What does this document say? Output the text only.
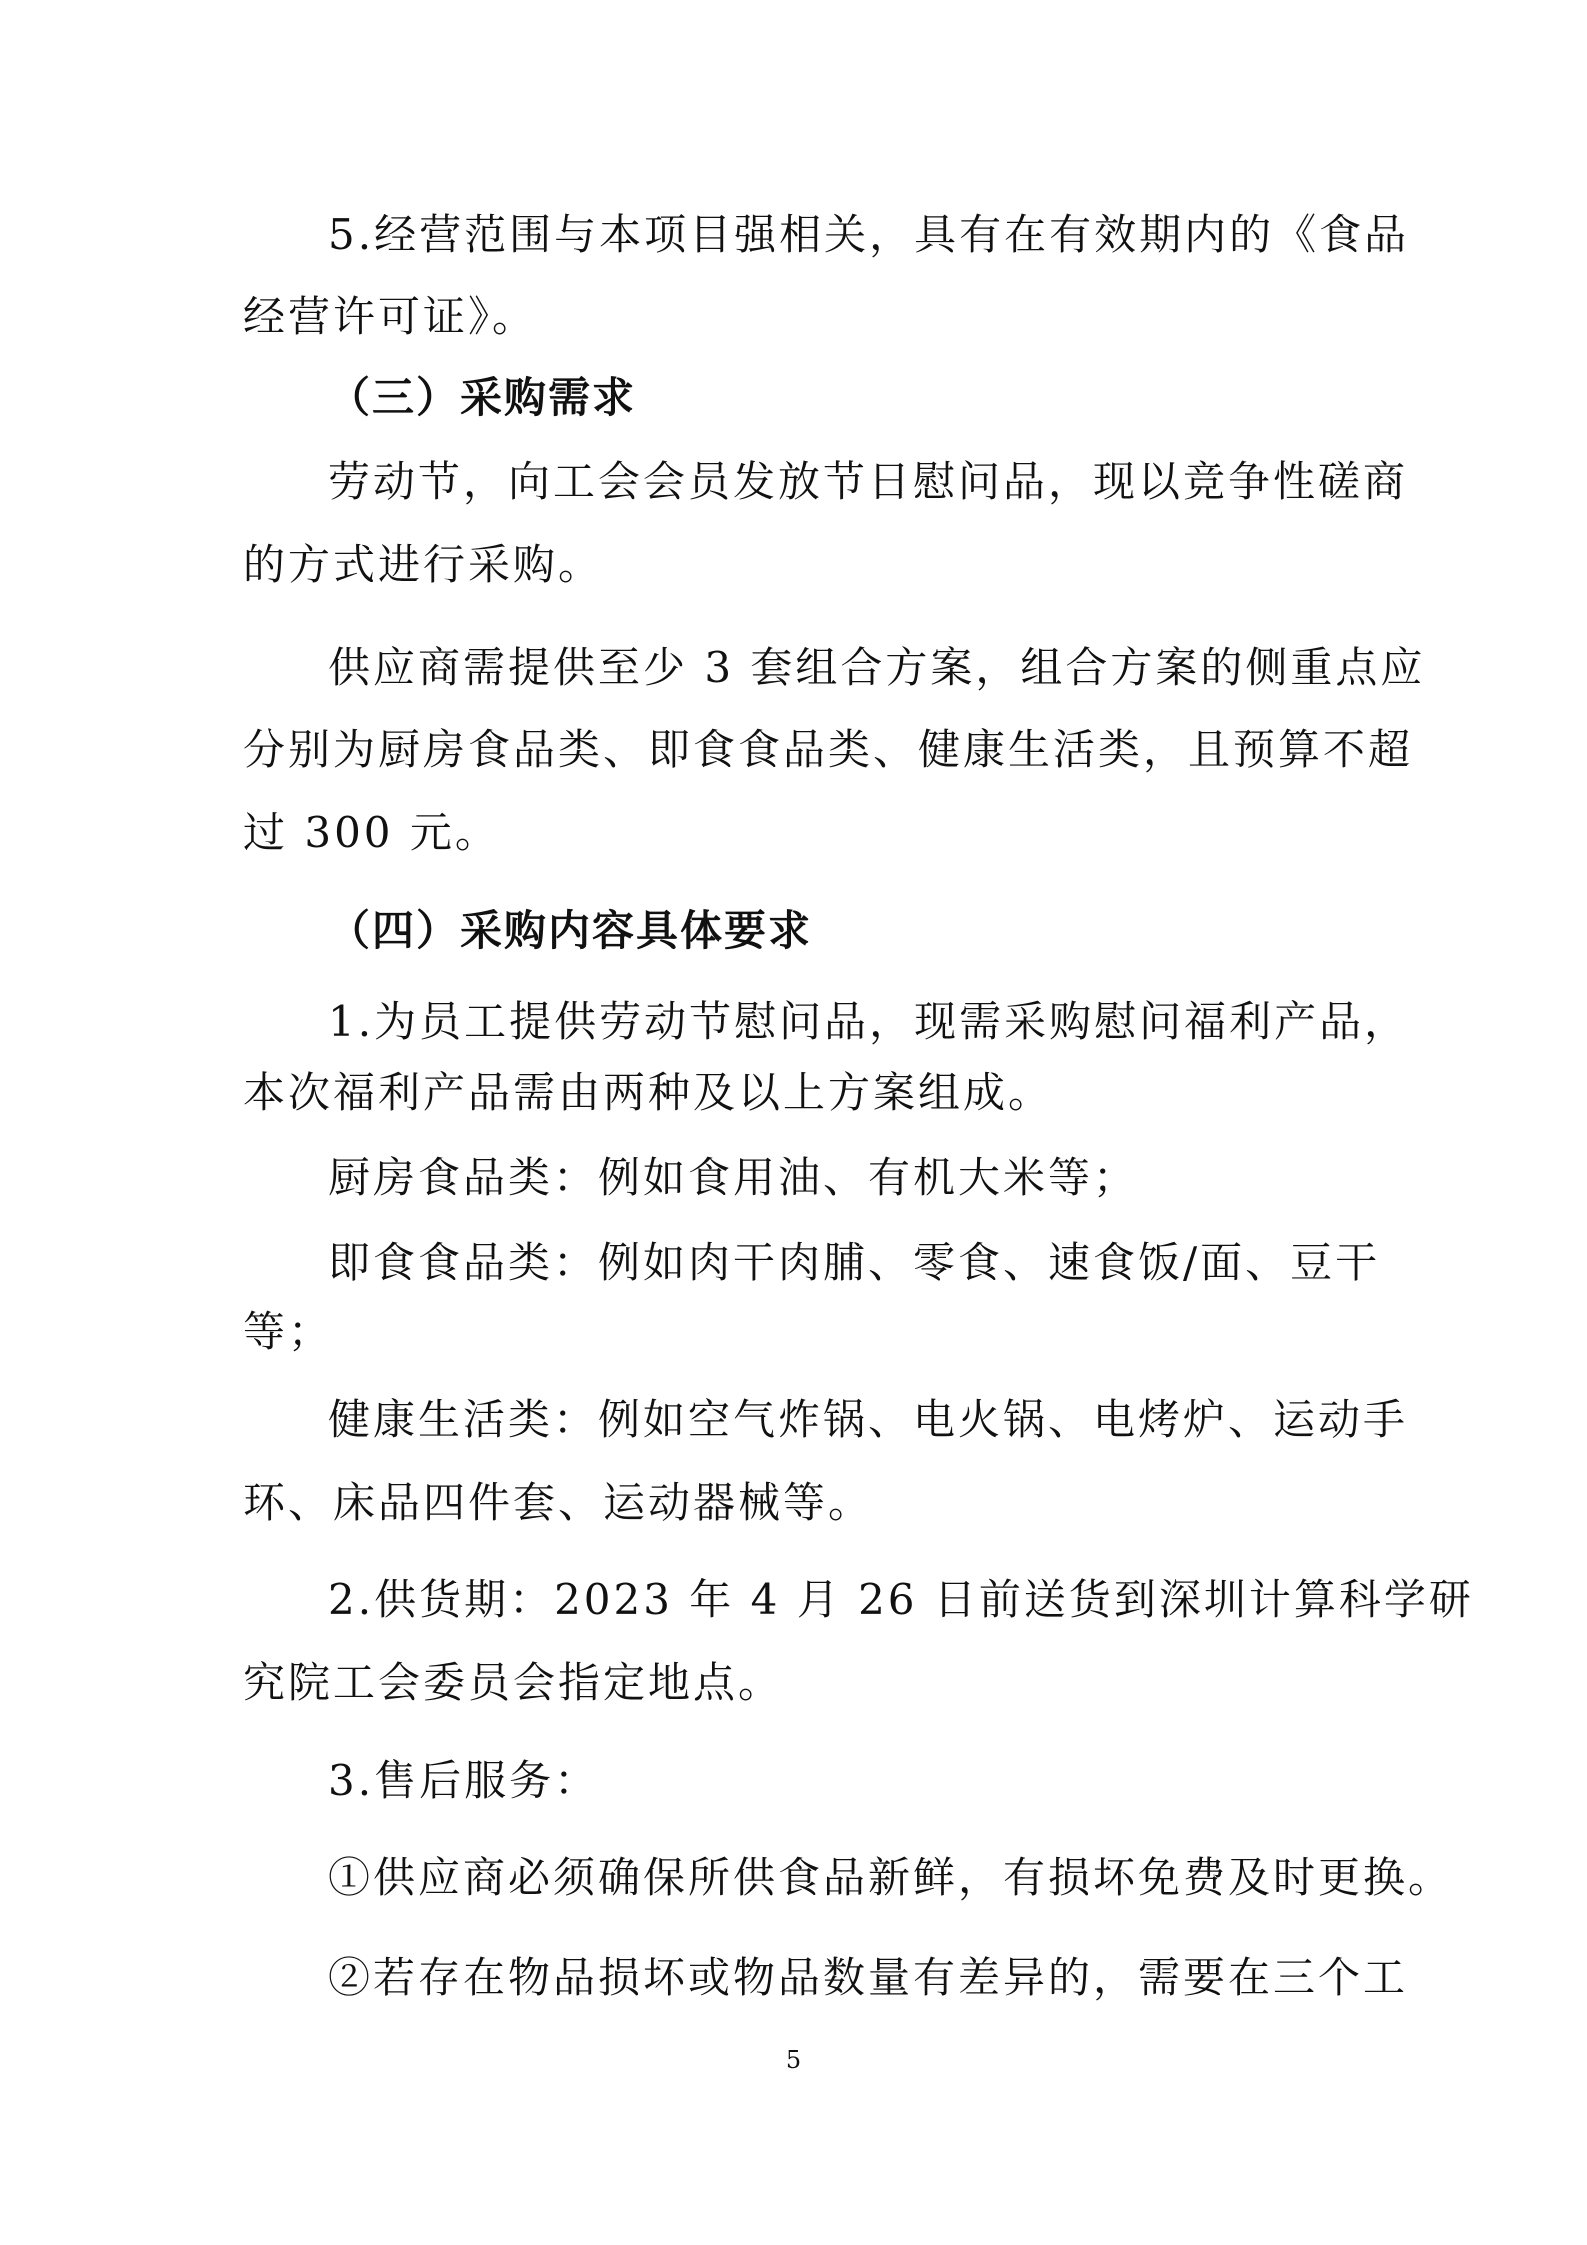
5.经营范围与本项目强相关，具有在有效期内的《食品
经营许可证》。
（三）采购需求
劳动节，向工会会员发放节日慰问品，现以竞争性磋商
的方式进行采购。
供应商需提供至少 3 套组合方案，组合方案的侧重点应
分别为厨房食品类、即食食品类、健康生活类，且预算不超
过 300 元。
（四）采购内容具体要求
1.为员工提供劳动节慰问品，现需采购慰问福利产品，
本次福利产品需由两种及以上方案组成。
厨房食品类：例如食用油、有机大米等；
即食食品类：例如肉干肉脯、零食、速食饭/面、豆干
等；
健康生活类：例如空气炸锅、电火锅、电烤炉、运动手
环、床品四件套、运动器械等。
2.供货期：2023 年 4 月 26 日前送货到深圳计算科学研
究院工会委员会指定地点。
3.售后服务：
①供应商必须确保所供食品新鲜，有损坏免费及时更换。
②若存在物品损坏或物品数量有差异的，需要在三个工
5
